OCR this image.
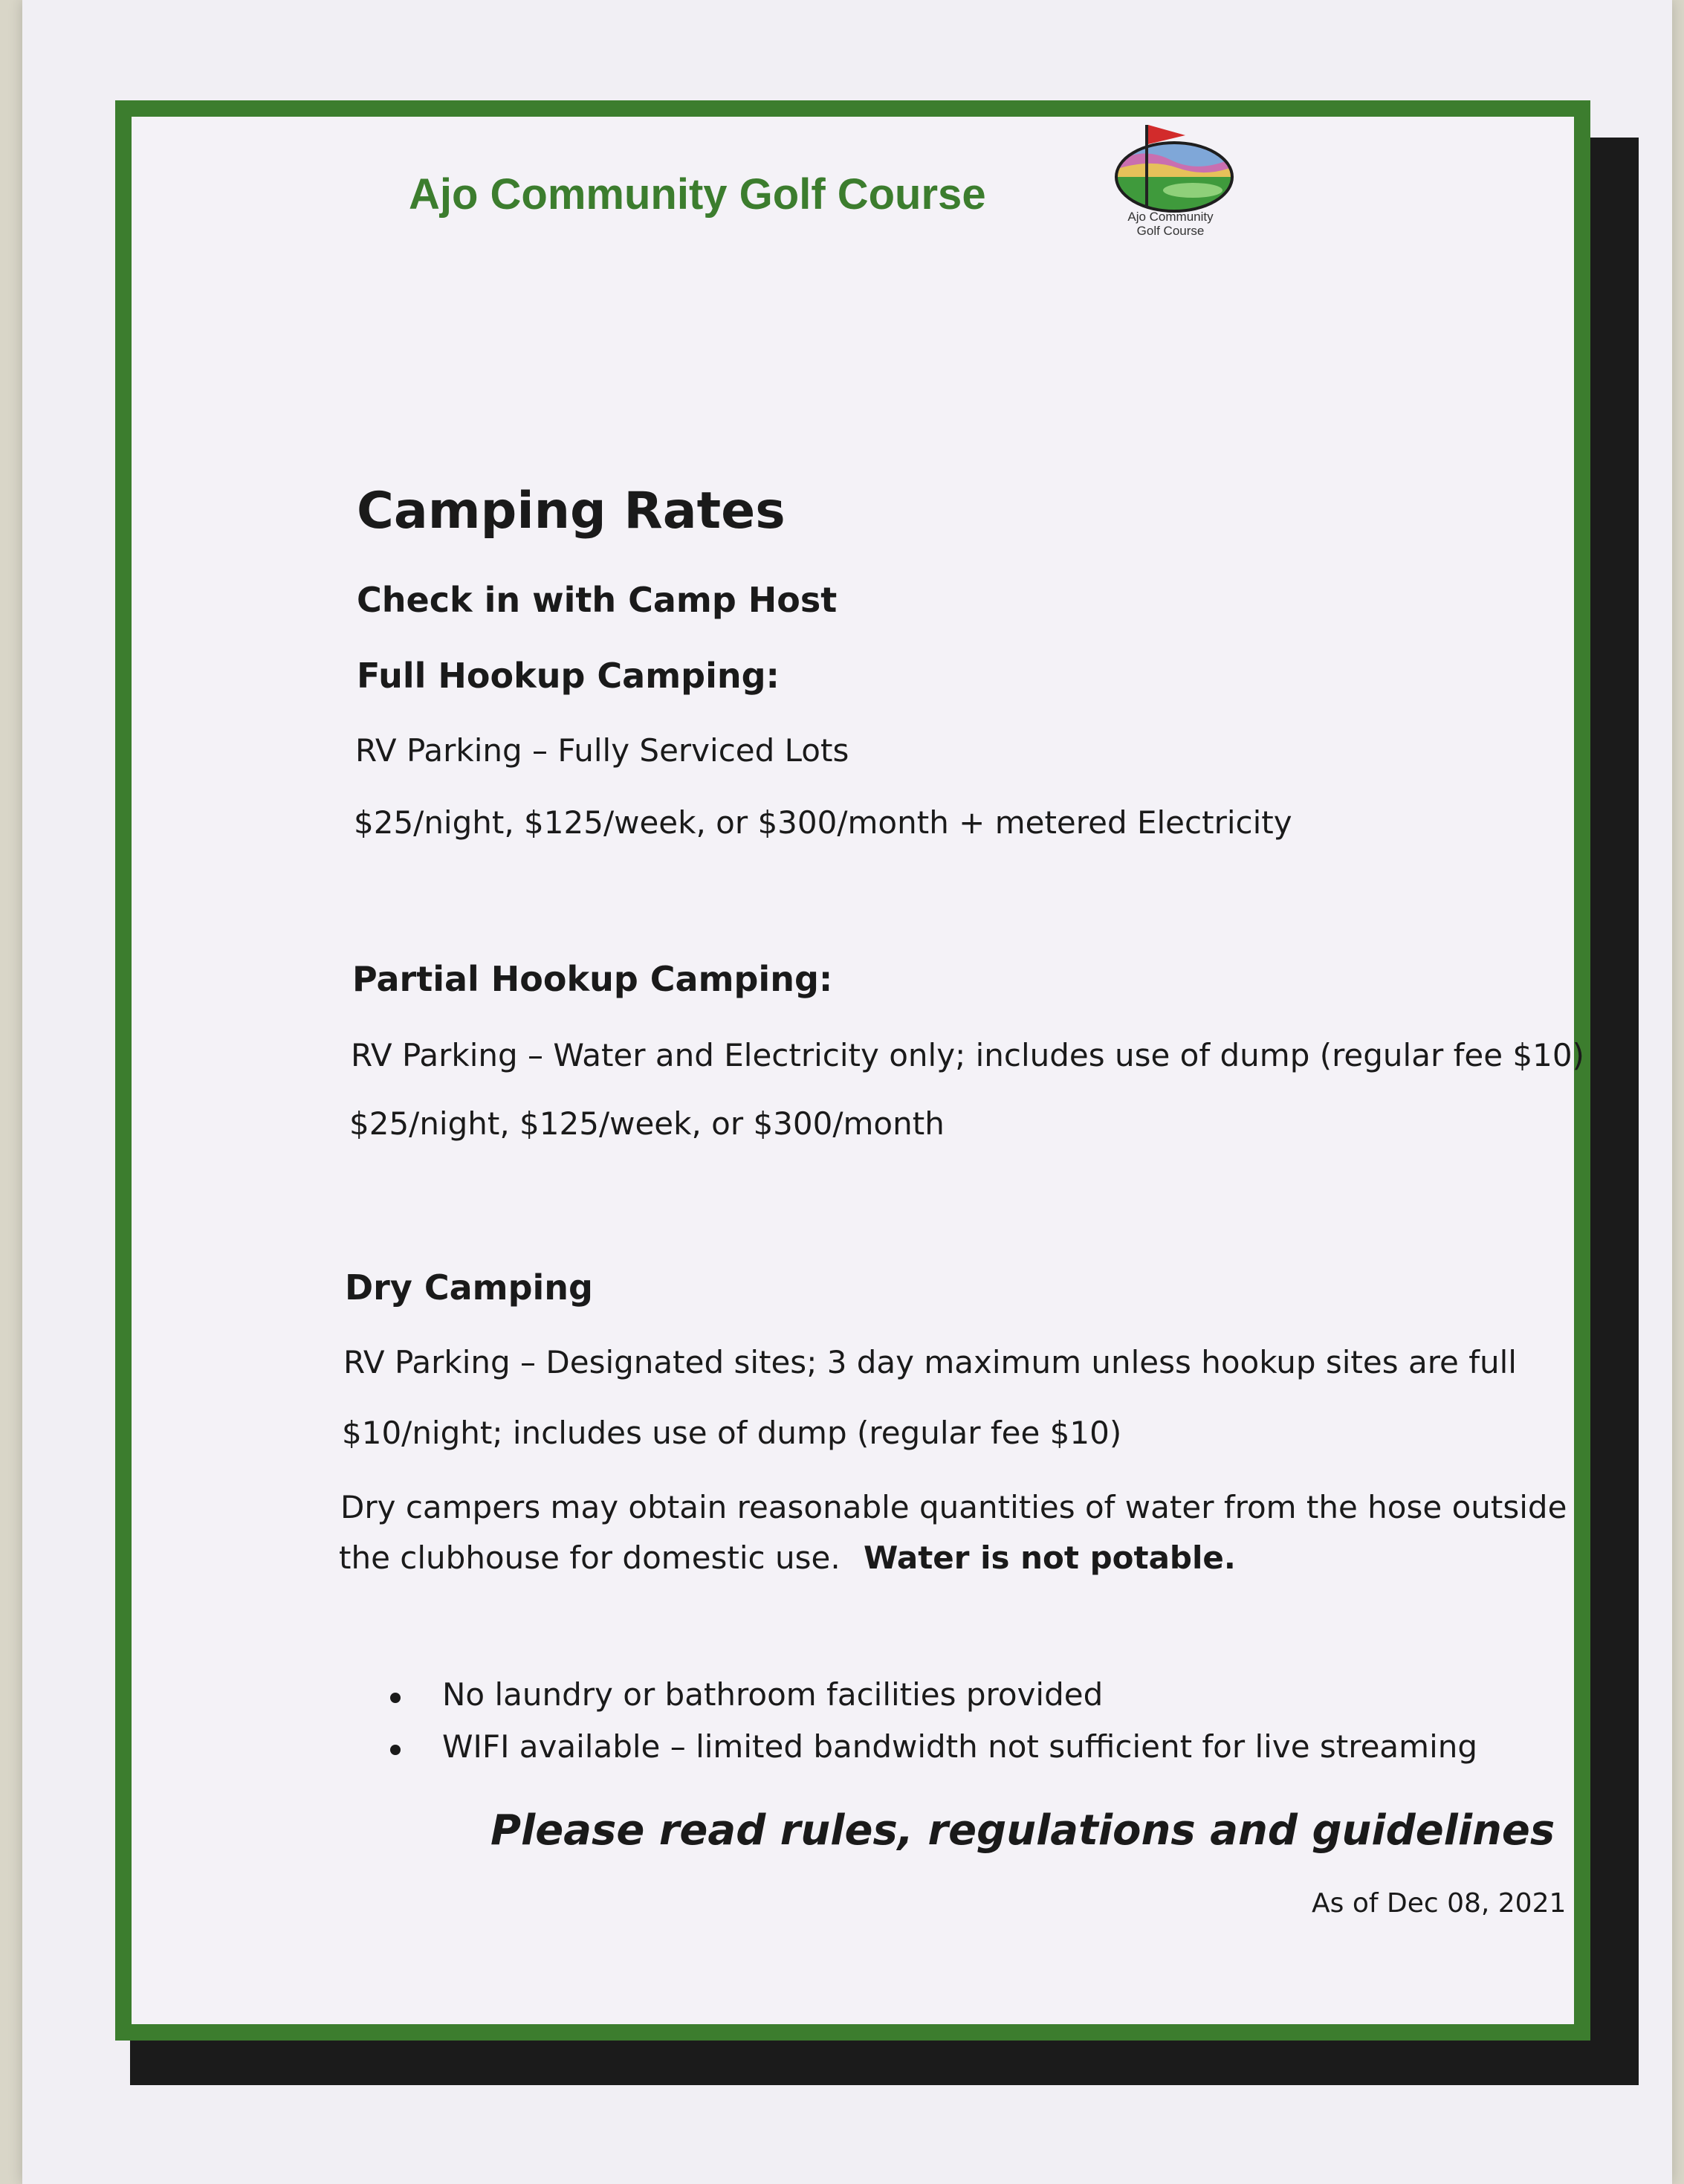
Ajo Community Golf Course	Ajo Community
Golf Course
Camping Rates
Check in with Camp Host
Full Hookup Camping:
RV Parking – Fully Serviced Lots
$25/night, $125/week, or $300/month + metered Electricity
Partial Hookup Camping:
RV Parking – Water and Electricity only; includes use of dump (regular fee $10)
$25/night, $125/week, or $300/month
Dry Camping
RV Parking – Designated sites; 3 day maximum unless hookup sites are full
$10/night; includes use of dump (regular fee $10)
Dry campers may obtain reasonable quantities of water from the hose outside
the clubhouse for domestic use. Water is not potable.
No laundry or bathroom facilities provided
WIFI available – limited bandwidth not sufficient for live streaming
Please read rules, regulations and guidelines
As of Dec 08, 2021
